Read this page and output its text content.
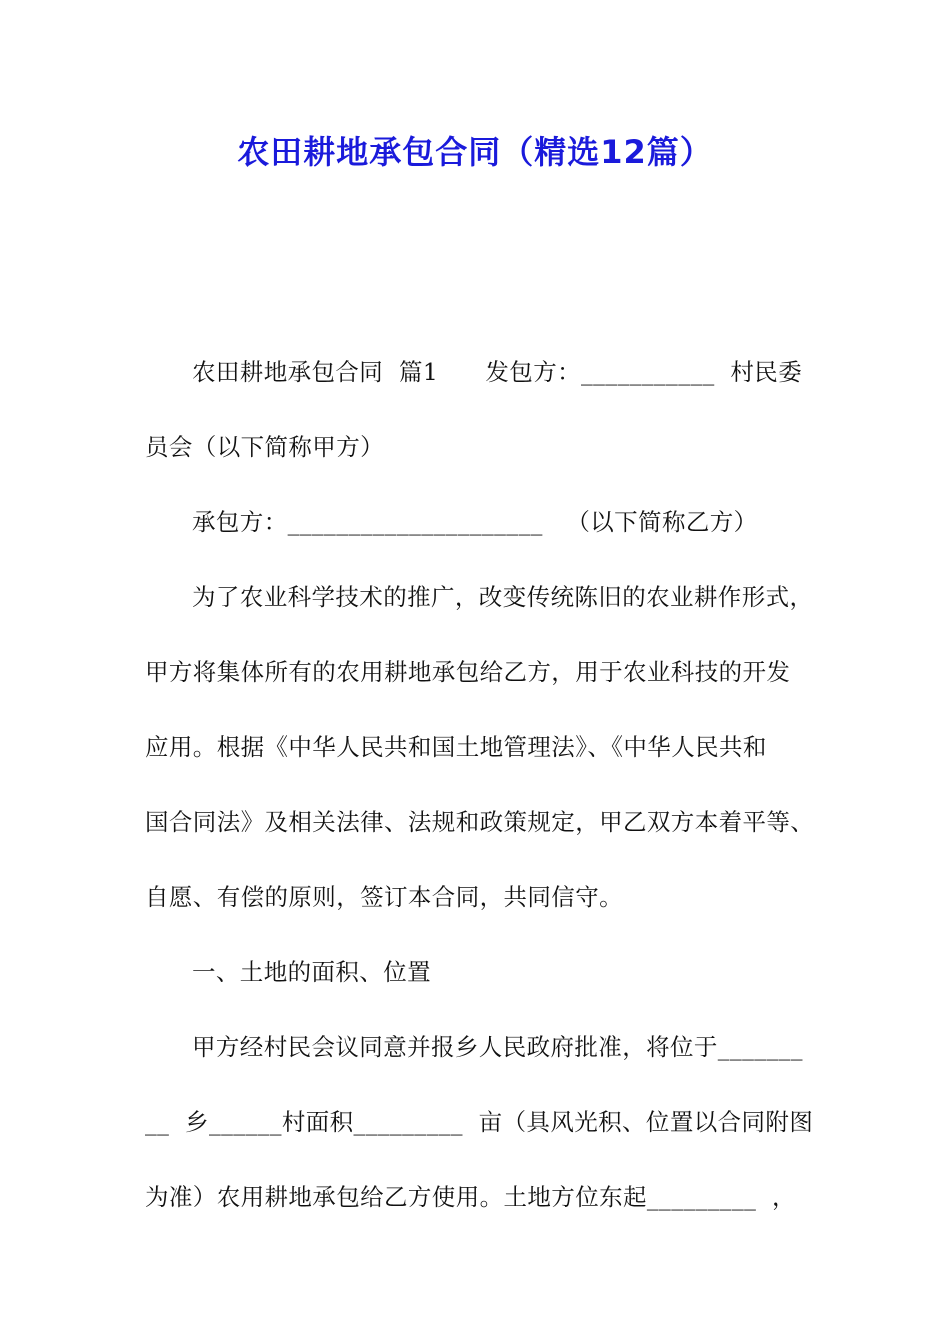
农田耕地承包合同（精选12篇）
农田耕地承包合同  篇1      发包方：___________  村民委
员会（以下简称甲方）
承包方：_____________________   （以下简称乙方）
为了农业科学技术的推广，改变传统陈旧的农业耕作形式，
甲方将集体所有的农用耕地承包给乙方，用于农业科技的开发
应用。根据《中华人民共和国土地管理法》、《中华人民共和
国合同法》及相关法律、法规和政策规定，甲乙双方本着平等、
自愿、有偿的原则，签订本合同，共同信守。
一、土地的面积、位置
甲方经村民会议同意并报乡人民政府批准，将位于_______
__  乡______村面积_________  亩（具风光积、位置以合同附图
为准）农用耕地承包给乙方使用。土地方位东起_________  ，
